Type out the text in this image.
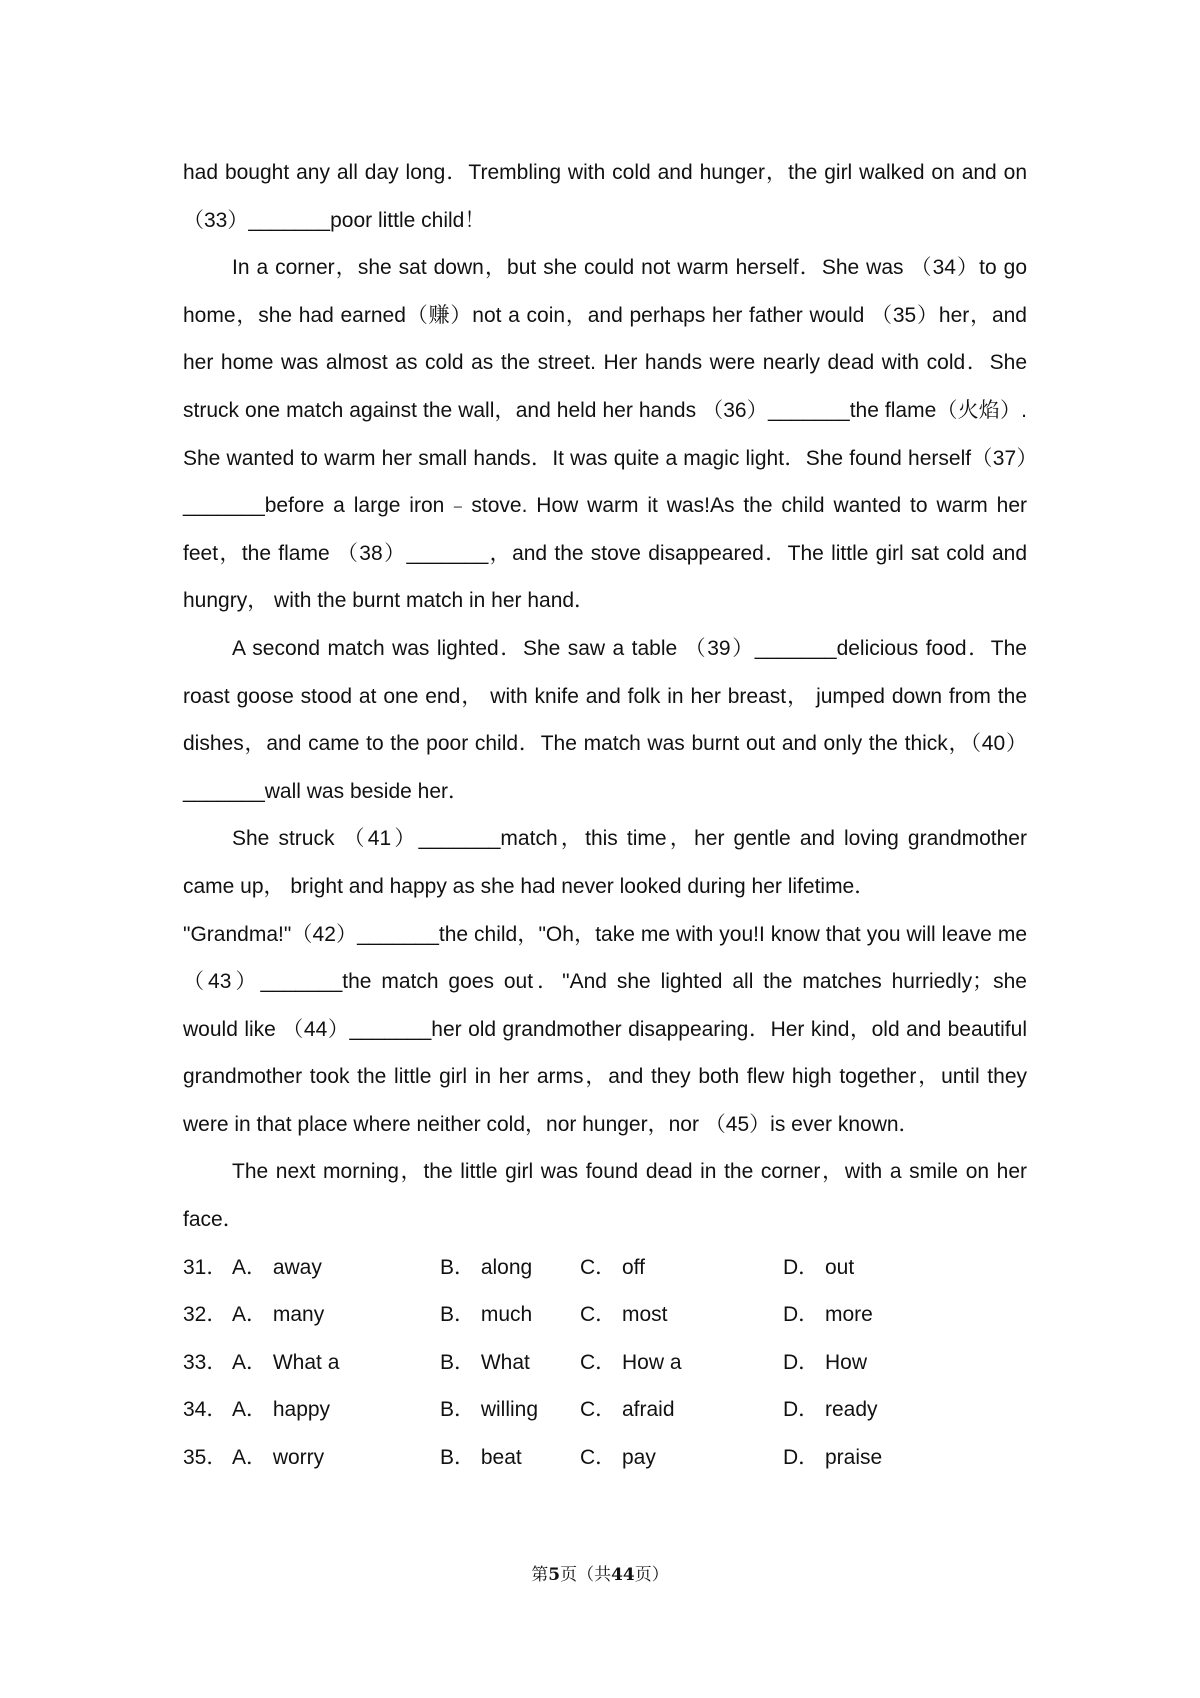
had bought any all day long．Trembling with cold and hunger，the girl walked on and on（33）_______poor little child！

In a corner，she sat down，but she could not warm herself．She was （34）to go home，she had earned（赚）not a coin，and perhaps her father would （35）her，and her home was almost as cold as the street. Her hands were nearly dead with cold．She struck one match against the wall，and held her hands （36）_______the flame（火焰）. She wanted to warm her small hands．It was quite a magic light．She found herself（37）_______before a large iron﹣stove. How warm it was!As the child wanted to warm her feet，the flame （38）_______，and the stove disappeared．The little girl sat cold and hungry， with the burnt match in her hand．

A second match was lighted．She saw a table （39）_______delicious food．The roast goose stood at one end， with knife and folk in her breast， jumped down from the dishes，and came to the poor child．The match was burnt out and only the thick，（40）_______wall was beside her．

She struck （41）_______match，this time，her gentle and loving grandmother came up， bright and happy as she had never looked during her lifetime．

"Grandma!"（42）_______the child，"Oh，take me with you!I know that you will leave me （43）_______the match goes out．"And she lighted all the matches hurriedly；she would like （44）_______her old grandmother disappearing．Her kind，old and beautiful grandmother took the little girl in her arms，and they both flew high together，until they were in that place where neither cold，nor hunger，nor （45）is ever known．

The next morning，the little girl was found dead in the corner，with a smile on her face．

31． A． away	B． along C． off	D． out
32． A． many	B． much C． most	D． more
33． A． What a	B． What C． How a	D． How
34． A． happy	B． willing C． afraid	D． ready
35． A． worry	B． beat	C． pay	D． praise
第5页（共44页）
